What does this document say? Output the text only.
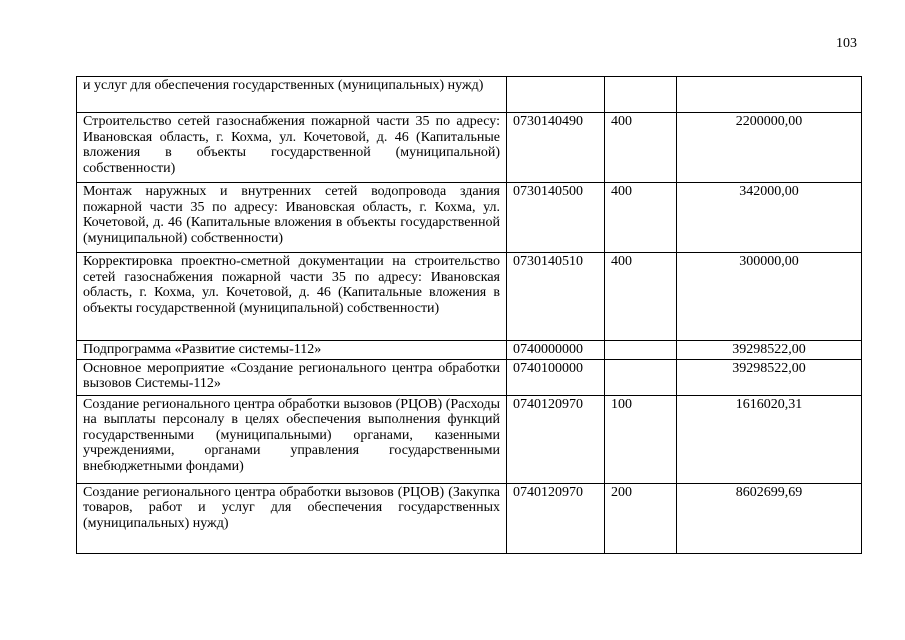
103
и услуг для обеспечения государственных (муниципальных) нужд)			
Строительство сетей газоснабжения пожарной части 35 по адресу: Ивановская область, г. Кохма, ул. Кочетовой, д. 46 (Капитальные вложения в объекты государственной (муниципальной) собственности)	0730140490	400	2200000,00
Монтаж наружных и внутренних сетей водопровода здания пожарной части 35 по адресу: Ивановская область, г. Кохма, ул. Кочетовой, д. 46 (Капитальные вложения в объекты государственной (муниципальной) собственности)	0730140500	400	342000,00
Корректировка проектно-сметной документации на строительство сетей газоснабжения пожарной части 35 по адресу: Ивановская область, г. Кохма, ул. Кочетовой, д. 46 (Капитальные вложения в объекты государственной (муниципальной) собственности)	0730140510	400	300000,00
Подпрограмма «Развитие системы-112»	0740000000		39298522,00
Основное мероприятие «Создание регионального центра обработки вызовов Системы-112»	0740100000		39298522,00
Создание регионального центра обработки вызовов (РЦОВ) (Расходы на выплаты персоналу в целях обеспечения выполнения функций государственными (муниципальными) органами, казенными учреждениями, органами управления государственными внебюджетными фондами)	0740120970	100	1616020,31
Создание регионального центра обработки вызовов (РЦОВ) (Закупка товаров, работ и услуг для обеспечения государственных (муниципальных) нужд)	0740120970	200	8602699,69
